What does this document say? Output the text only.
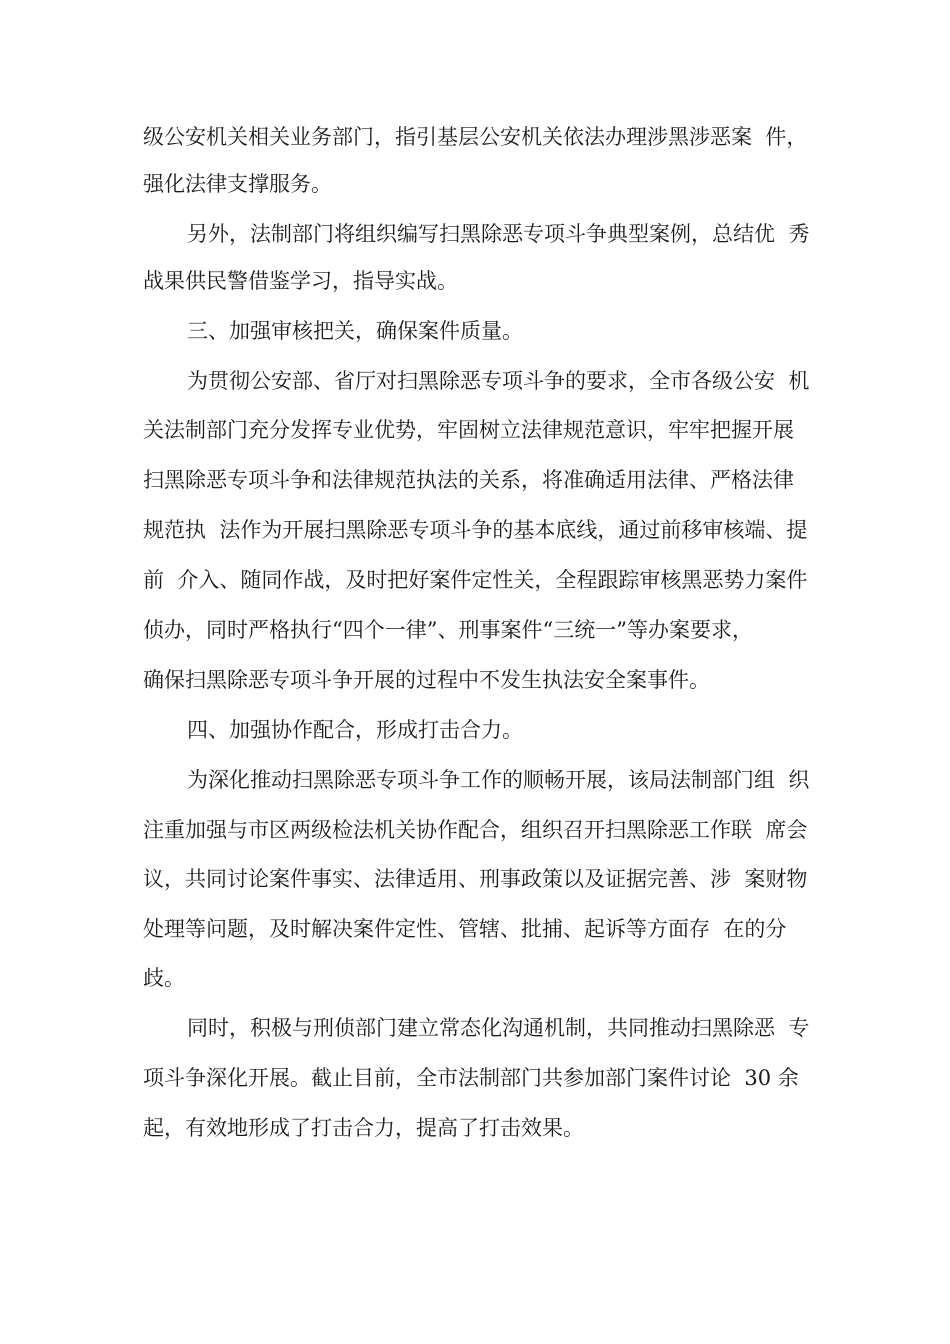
级公安机关相关业务部门，指引基层公安机关依法办理涉黑涉恶案  件，
强化法律支撑服务。
另外，法制部门将组织编写扫黑除恶专项斗争典型案例，总结优  秀
战果供民警借鉴学习，指导实战。
三、加强审核把关，确保案件质量。
为贯彻公安部、省厅对扫黑除恶专项斗争的要求，全市各级公安  机
关法制部门充分发挥专业优势，牢固树立法律规范意识，牢牢把握开展
扫黑除恶专项斗争和法律规范执法的关系，将准确适用法律、严格法律
规范执  法作为开展扫黑除恶专项斗争的基本底线，通过前移审核端、提
前  介入、随同作战，及时把好案件定性关，全程跟踪审核黑恶势力案件
侦办，同时严格执行“四个一律”、刑事案件“三统一”等办案要求，
确保扫黑除恶专项斗争开展的过程中不发生执法安全案事件。
四、加强协作配合，形成打击合力。
为深化推动扫黑除恶专项斗争工作的顺畅开展，该局法制部门组  织
注重加强与市区两级检法机关协作配合，组织召开扫黑除恶工作联  席会
议，共同讨论案件事实、法律适用、刑事政策以及证据完善、涉  案财物
处理等问题，及时解决案件定性、管辖、批捕、起诉等方面存  在的分
歧。
同时，积极与刑侦部门建立常态化沟通机制，共同推动扫黑除恶  专
项斗争深化开展。截止目前，全市法制部门共参加部门案件讨论  30 余
起，有效地形成了打击合力，提高了打击效果。
